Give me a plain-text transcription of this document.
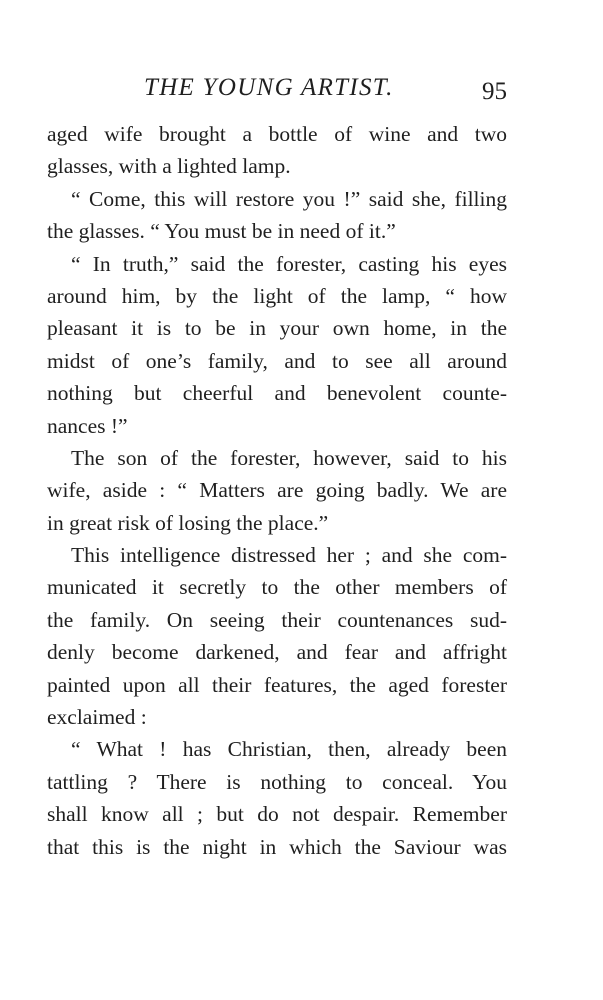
THE YOUNG ARTIST.	95
aged wife brought a bottle of wine and two
glasses, with a lighted lamp.
“ Come, this will restore you !” said she, filling
the glasses. “ You must be in need of it.”
“ In truth,” said the forester, casting his eyes
around him, by the light of the lamp, “ how
pleasant it is to be in your own home, in the
midst of one’s family, and to see all around
nothing but cheerful and benevolent counte-
nances !”
The son of the forester, however, said to his
wife, aside : “ Matters are going badly. We are
in great risk of losing the place.”
This intelligence distressed her ; and she com-
municated it secretly to the other members of
the family. On seeing their countenances sud-
denly become darkened, and fear and affright
painted upon all their features, the aged forester
exclaimed :
“ What ! has Christian, then, already been
tattling ? There is nothing to conceal. You
shall know all ; but do not despair. Remember
that this is the night in which the Saviour was
